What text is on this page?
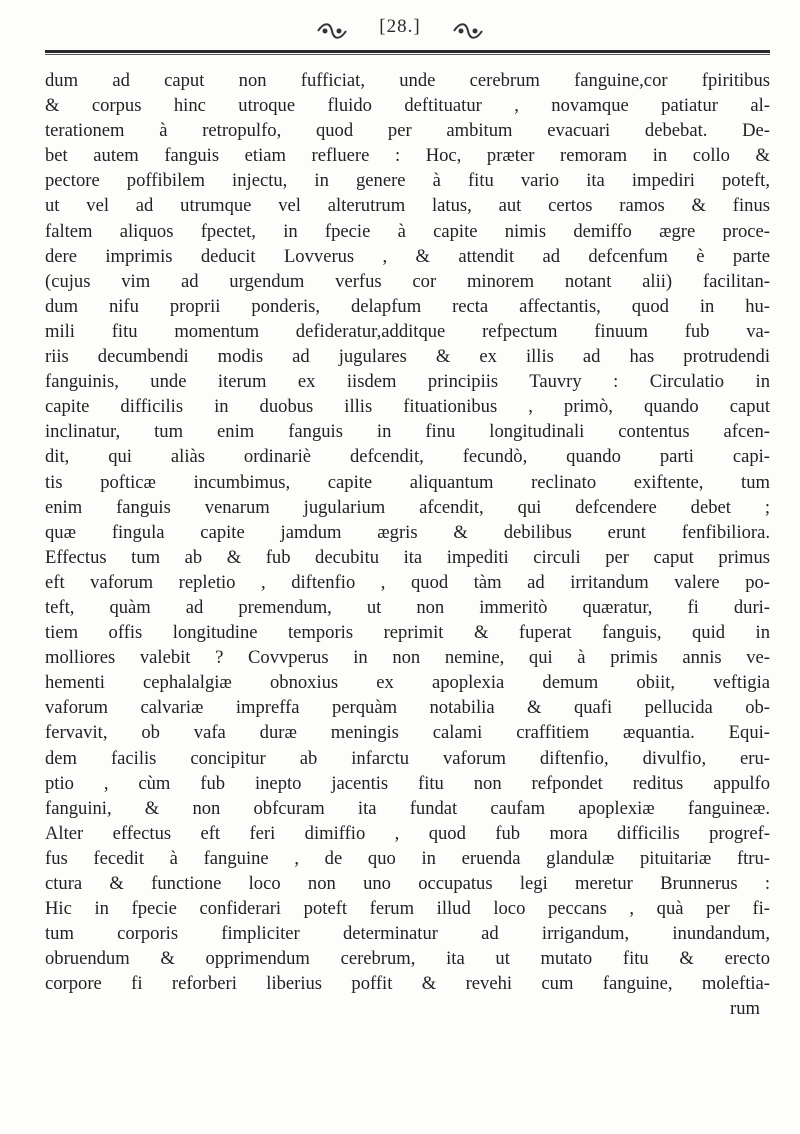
[28.]
dum ad caput non fufficiat, unde cerebrum fanguine,cor fpiritibus
& corpus hinc utroque fluido deftituatur , novamque patiatur al-
terationem à retropulfo, quod per ambitum evacuari debebat. De-
bet autem fanguis etiam refluere : Hoc, præter remoram in collo &
pectore poffibilem injectu, in genere à fitu vario ita impediri poteft,
ut vel ad utrumque vel alterutrum latus, aut certos ramos & finus
faltem aliquos fpectet, in fpecie à capite nimis demiffo ægre proce-
dere imprimis deducit Lovverus , & attendit ad defcenfum è parte
(cujus vim ad urgendum verfus cor minorem notant alii) facilitan-
dum nifu proprii ponderis, delapfum recta affectantis, quod in hu-
mili fitu momentum defideratur,additque refpectum finuum fub va-
riis decumbendi modis ad jugulares & ex illis ad has protrudendi
fanguinis, unde iterum ex iisdem principiis Tauvry : Circulatio in
capite difficilis in duobus illis fituationibus , primò, quando caput
inclinatur, tum enim fanguis in finu longitudinali contentus afcen-
dit, qui aliàs ordinariè defcendit, fecundò, quando parti capi-
tis pofticæ incumbimus, capite aliquantum reclinato exiftente, tum
enim fanguis venarum jugularium afcendit, qui defcendere debet ;
quæ fingula capite jamdum ægris & debilibus erunt fenfibiliora.
Effectus tum ab & fub decubitu ita impediti circuli per caput primus
eft vaforum repletio , diftenfio , quod tàm ad irritandum valere po-
teft, quàm ad premendum, ut non immeritò quæratur, fi duri-
tiem offis longitudine temporis reprimit & fuperat fanguis, quid in
molliores valebit ? Covvperus in non nemine, qui à primis annis ve-
hementi cephalalgiæ obnoxius ex apoplexia demum obiit, veftigia
vaforum calvariæ impreffa perquàm notabilia & quafi pellucida ob-
fervavit, ob vafa duræ meningis calami craffitiem æquantia. Equi-
dem facilis concipitur ab infarctu vaforum diftenfio, divulfio, eru-
ptio , cùm fub inepto jacentis fitu non refpondet reditus appulfo
fanguini, & non obfcuram ita fundat caufam apoplexiæ fanguineæ.
Alter effectus eft feri dimiffio , quod fub mora difficilis progref-
fus fecedit à fanguine , de quo in eruenda glandulæ pituitariæ ftru-
ctura & functione loco non uno occupatus legi meretur Brunnerus :
Hic in fpecie confiderari poteft ferum illud loco peccans , quà per fi-
tum corporis fimpliciter determinatur ad irrigandum, inundandum,
obruendum & opprimendum cerebrum, ita ut mutato fitu & erecto
corpore fi reforberi liberius poffit & revehi cum fanguine, moleftia-
rum
